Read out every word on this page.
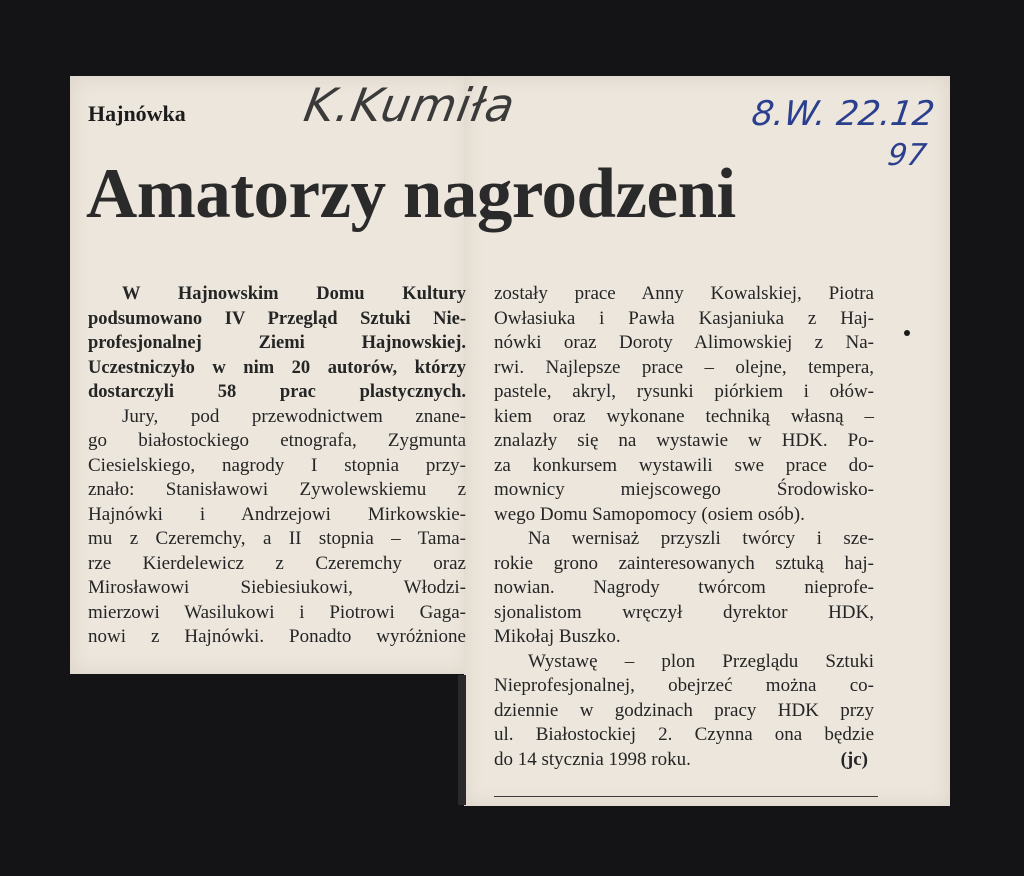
Hajnówka K.Kumiła	8.W. 22.12
97
Amatorzy nagrodzeni
W Hajnowskim Domu Kultury
podsumowano IV Przegląd Sztuki Nie-
profesjonalnej Ziemi Hajnowskiej.
Uczestniczyło w nim 20 autorów, którzy
dostarczyli 58 prac plastycznych.
Jury, pod przewodnictwem znane-
go białostockiego etnografa, Zygmunta
Ciesielskiego, nagrody I stopnia przy-
znało: Stanisławowi Zywolewskiemu z
Hajnówki i Andrzejowi Mirkowskie-
mu z Czeremchy, a II stopnia – Tama-
rze Kierdelewicz z Czeremchy oraz
Mirosławowi Siebiesiukowi, Włodzi-
mierzowi Wasilukowi i Piotrowi Gaga-
nowi z Hajnówki. Ponadto wyróżnione
zostały prace Anny Kowalskiej, Piotra
Owłasiuka i Pawła Kasjaniuka z Haj-
nówki oraz Doroty Alimowskiej z Na-
rwi. Najlepsze prace – olejne, tempera,
pastele, akryl, rysunki piórkiem i ołów-
kiem oraz wykonane techniką własną –
znalazły się na wystawie w HDK. Po-
za konkursem wystawili swe prace do-
mownicy miejscowego Środowisko-
wego Domu Samopomocy (osiem osób).
Na wernisaż przyszli twórcy i sze-
rokie grono zainteresowanych sztuką haj-
nowian. Nagrody twórcom nieprofe-
sjonalistom wręczył dyrektor HDK,
Mikołaj Buszko.
Wystawę – plon Przeglądu Sztuki
Nieprofesjonalnej, obejrzeć można co-
dziennie w godzinach pracy HDK przy
ul. Białostockiej 2. Czynna ona będzie
do 14 stycznia 1998 roku.	(jc)
